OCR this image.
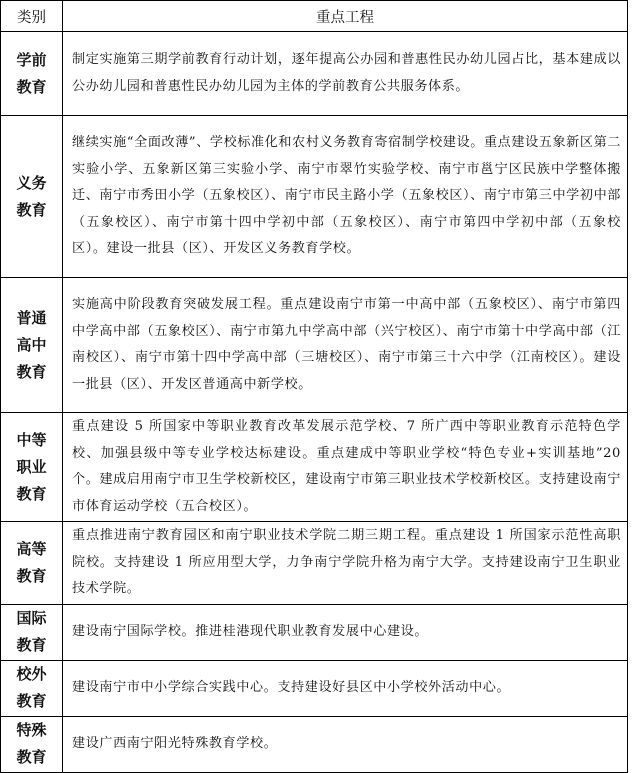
类别	重点工程

学前
教育	制定实施第三期学前教育行动计划，逐年提高公办园和普惠性民办幼儿园占比，基本建成以公办幼儿园和普惠性民办幼儿园为主体的学前教育公共服务体系。

义务
教育	继续实施“全面改薄”、学校标准化和农村义务教育寄宿制学校建设。重点建设五象新区第二实验小学、五象新区第三实验小学、南宁市翠竹实验学校、南宁市邕宁区民族中学整体搬迁、南宁市秀田小学（五象校区）、南宁市民主路小学（五象校区）、南宁市第三中学初中部（五象校区）、南宁市第十四中学初中部（五象校区）、南宁市第四中学初中部（五象校区）。建设一批县（区）、开发区义务教育学校。

普通
高中
教育	实施高中阶段教育突破发展工程。重点建设南宁市第一中高中部（五象校区）、南宁市第四中学高中部（五象校区）、南宁市第九中学高中部（兴宁校区）、南宁市第十中学高中部（江南校区）、南宁市第十四中学高中部（三塘校区）、南宁市第三十六中学（江南校区）。建设一批县（区）、开发区普通高中新学校。

中等
职业
教育	重点建设 5 所国家中等职业教育改革发展示范学校、7 所广西中等职业教育示范特色学校、加强县级中等专业学校达标建设。重点建成中等职业学校“特色专业+实训基地”20 个。建成启用南宁市卫生学校新校区，建设南宁市第三职业技术学校新校区。支持建设南宁市体育运动学校（五合校区）。

高等
教育	重点推进南宁教育园区和南宁职业技术学院二期三期工程。重点建设 1 所国家示范性高职院校。支持建设 1 所应用型大学，力争南宁学院升格为南宁大学。支持建设南宁卫生职业技术学院。

国际
教育	建设南宁国际学校。推进桂港现代职业教育发展中心建设。

校外
教育	建设南宁市中小学综合实践中心。支持建设好县区中小学校外活动中心。

特殊
教育	建设广西南宁阳光特殊教育学校。
